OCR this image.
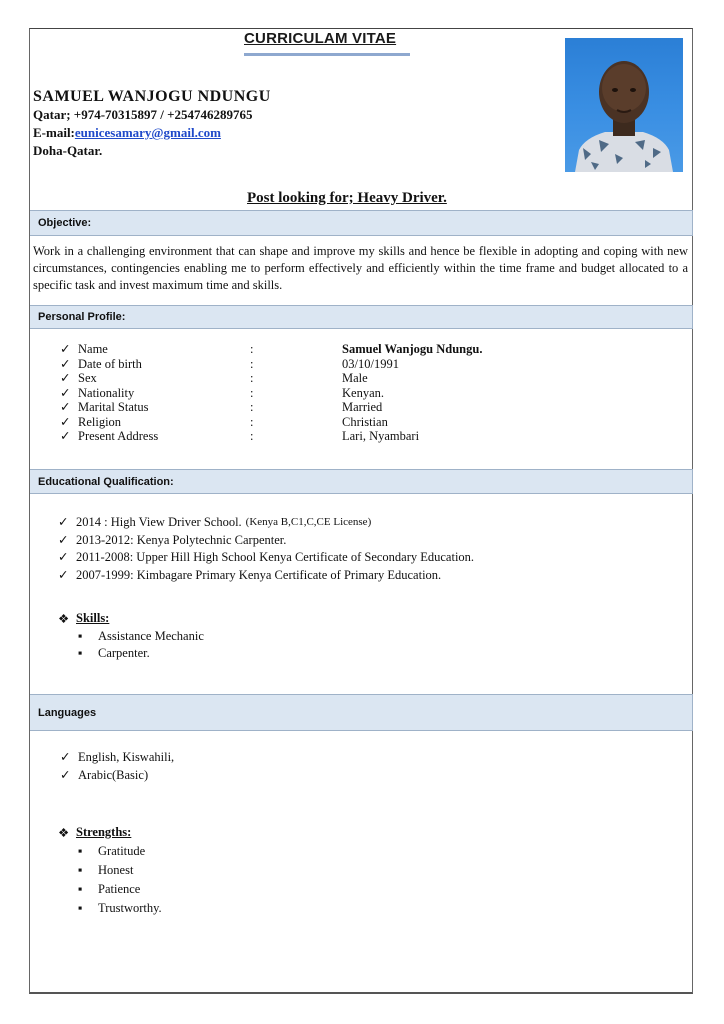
CURRICULAM VITAE
SAMUEL WANJOGU NDUNGU
Qatar; +974-70315897 / +254746289765
E-mail:eunicesamary@gmail.com
Doha-Qatar.
Post looking for; Heavy Driver.
Objective:
Work in a challenging environment that can shape and improve my skills and hence be flexible in adopting and coping with new circumstances, contingencies enabling me to perform effectively and efficiently within the time frame and budget allocated to a specific task and invest maximum time and skills.
Personal Profile:
✓ Name	:	Samuel Wanjogu Ndungu.
✓ Date of birth	:	03/10/1991
✓ Sex	:	Male
✓ Nationality	:	Kenyan.
✓ Marital Status	:	Married
✓ Religion	:	Christian
✓ Present Address	:	Lari, Nyambari
Educational Qualification:
✓ 2014 : High View Driver School. (Kenya B,C1,C,CE License)
✓ 2013-2012: Kenya Polytechnic Carpenter.
✓ 2011-2008: Upper Hill High School Kenya Certificate of Secondary Education.
✓ 2007-1999: Kimbagare Primary Kenya Certificate of Primary Education.
❖ Skills:
▪	Assistance Mechanic
▪	Carpenter.
Languages
✓ English, Kiswahili,
✓ Arabic(Basic)
❖ Strengths:
▪	Gratitude
▪	Honest
▪	Patience
▪	Trustworthy.
